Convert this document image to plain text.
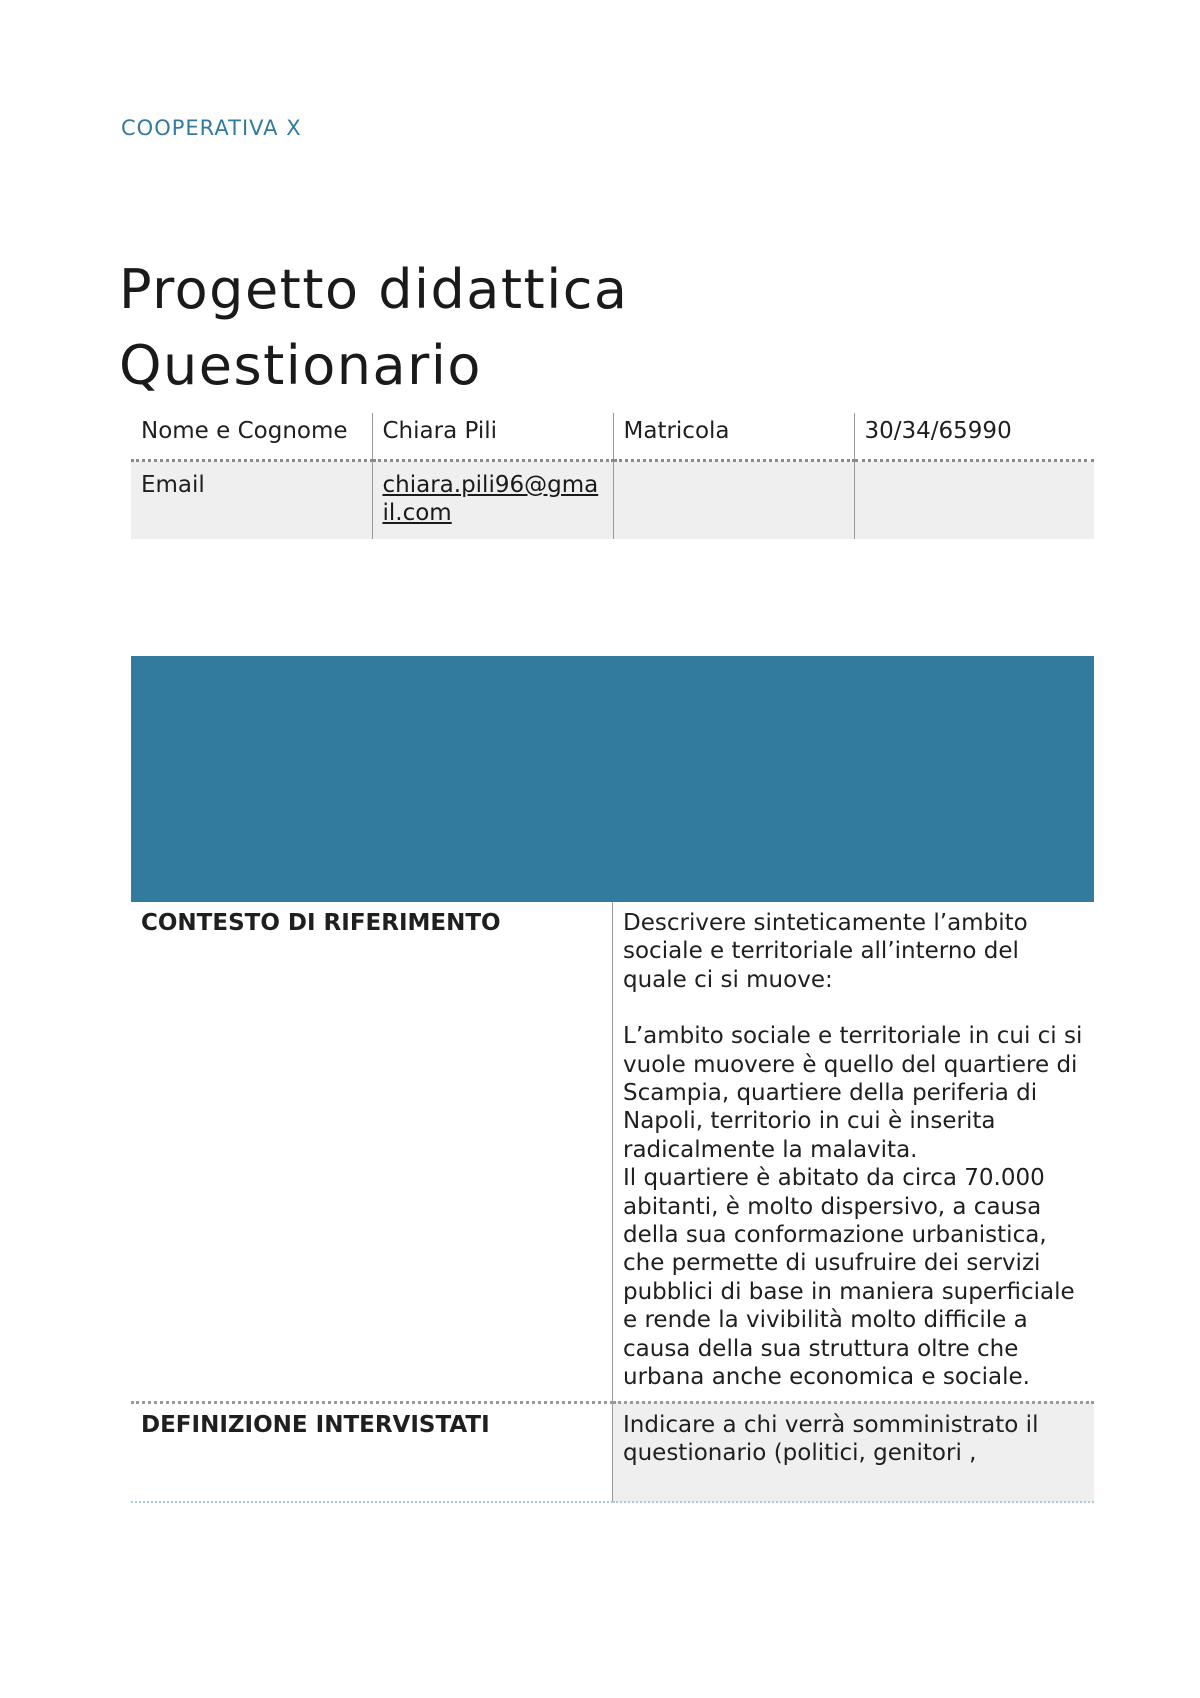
COOPERATIVA X
Progetto didattica
Questionario
Nome e Cognome	Chiara Pili	Matricola	30/34/65990
Email	chiara.pili96@gmail.com		
CONTESTO DI RIFERIMENTO	Descrivere sinteticamente l’ambito sociale e territoriale all’interno del quale ci si muove:
L’ambito sociale e territoriale in cui ci si vuole muovere è quello del quartiere di Scampia, quartiere della periferia di Napoli, territorio in cui è inserita radicalmente la malavita.
Il quartiere è abitato da circa 70.000 abitanti, è molto dispersivo, a causa della sua conformazione urbanistica, che permette di usufruire dei servizi pubblici di base in maniera superficiale e rende la vivibilità molto difficile a causa della sua struttura oltre che urbana anche economica e sociale.

DEFINIZIONE INTERVISTATI	Indicare a chi verrà somministrato il questionario (politici, genitori ,
